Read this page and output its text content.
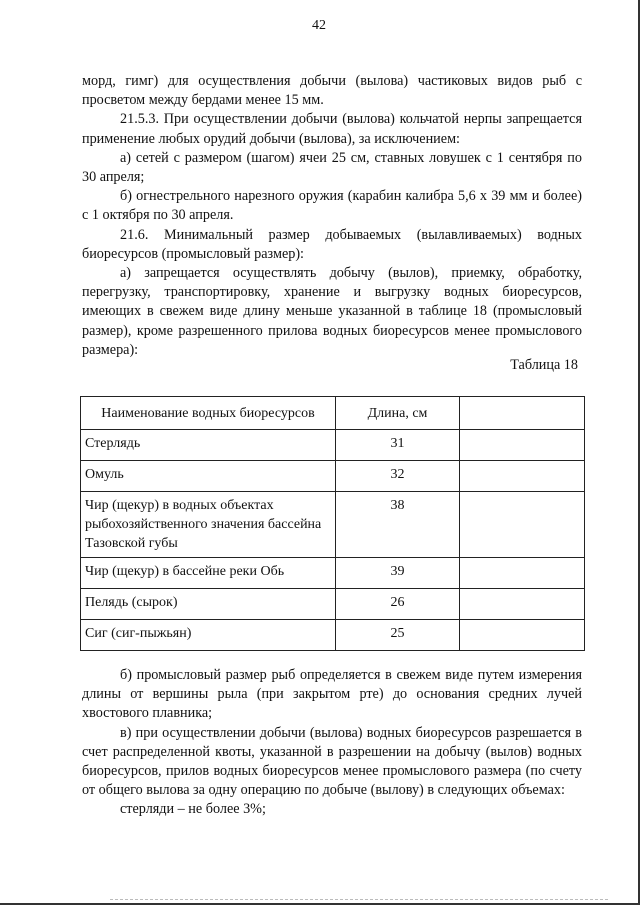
42

морд, гимг) для осуществления добычи (вылова) частиковых видов рыб с просветом между бердами менее 15 мм.

21.5.3. При осуществлении добычи (вылова) кольчатой нерпы запрещается применение любых орудий добычи (вылова), за исключением:

а) сетей с размером (шагом) ячеи 25 см, ставных ловушек с 1 сентября по 30 апреля;

б) огнестрельного нарезного оружия (карабин калибра 5,6 х 39 мм и более) с 1 октября по 30 апреля.

21.6. Минимальный размер добываемых (вылавливаемых) водных биоресурсов (промысловый размер):

а) запрещается осуществлять добычу (вылов), приемку, обработку, перегрузку, транспортировку, хранение и выгрузку водных биоресурсов, имеющих в свежем виде длину меньше указанной в таблице 18 (промысловый размер), кроме разрешенного прилова водных биоресурсов менее промыслового размера):

Таблица 18
Наименование водных биоресурсов	Длина, см	
Стерлядь	31	
Омуль	32	
Чир (щекур) в водных объектах рыбохозяйственного значения бассейна Тазовской губы	38	
Чир (щекур) в бассейне реки Обь	39	
Пелядь (сырок)	26	
Сиг (сиг-пыжьян)	25	

б) промысловый размер рыб определяется в свежем виде путем измерения длины от вершины рыла (при закрытом рте) до основания средних лучей хвостового плавника;

в) при осуществлении добычи (вылова) водных биоресурсов разрешается в счет распределенной квоты, указанной в разрешении на добычу (вылов) водных биоресурсов, прилов водных биоресурсов менее промыслового размера (по счету от общего вылова за одну операцию по добыче (вылову) в следующих объемах:

стерляди – не более 3%;
